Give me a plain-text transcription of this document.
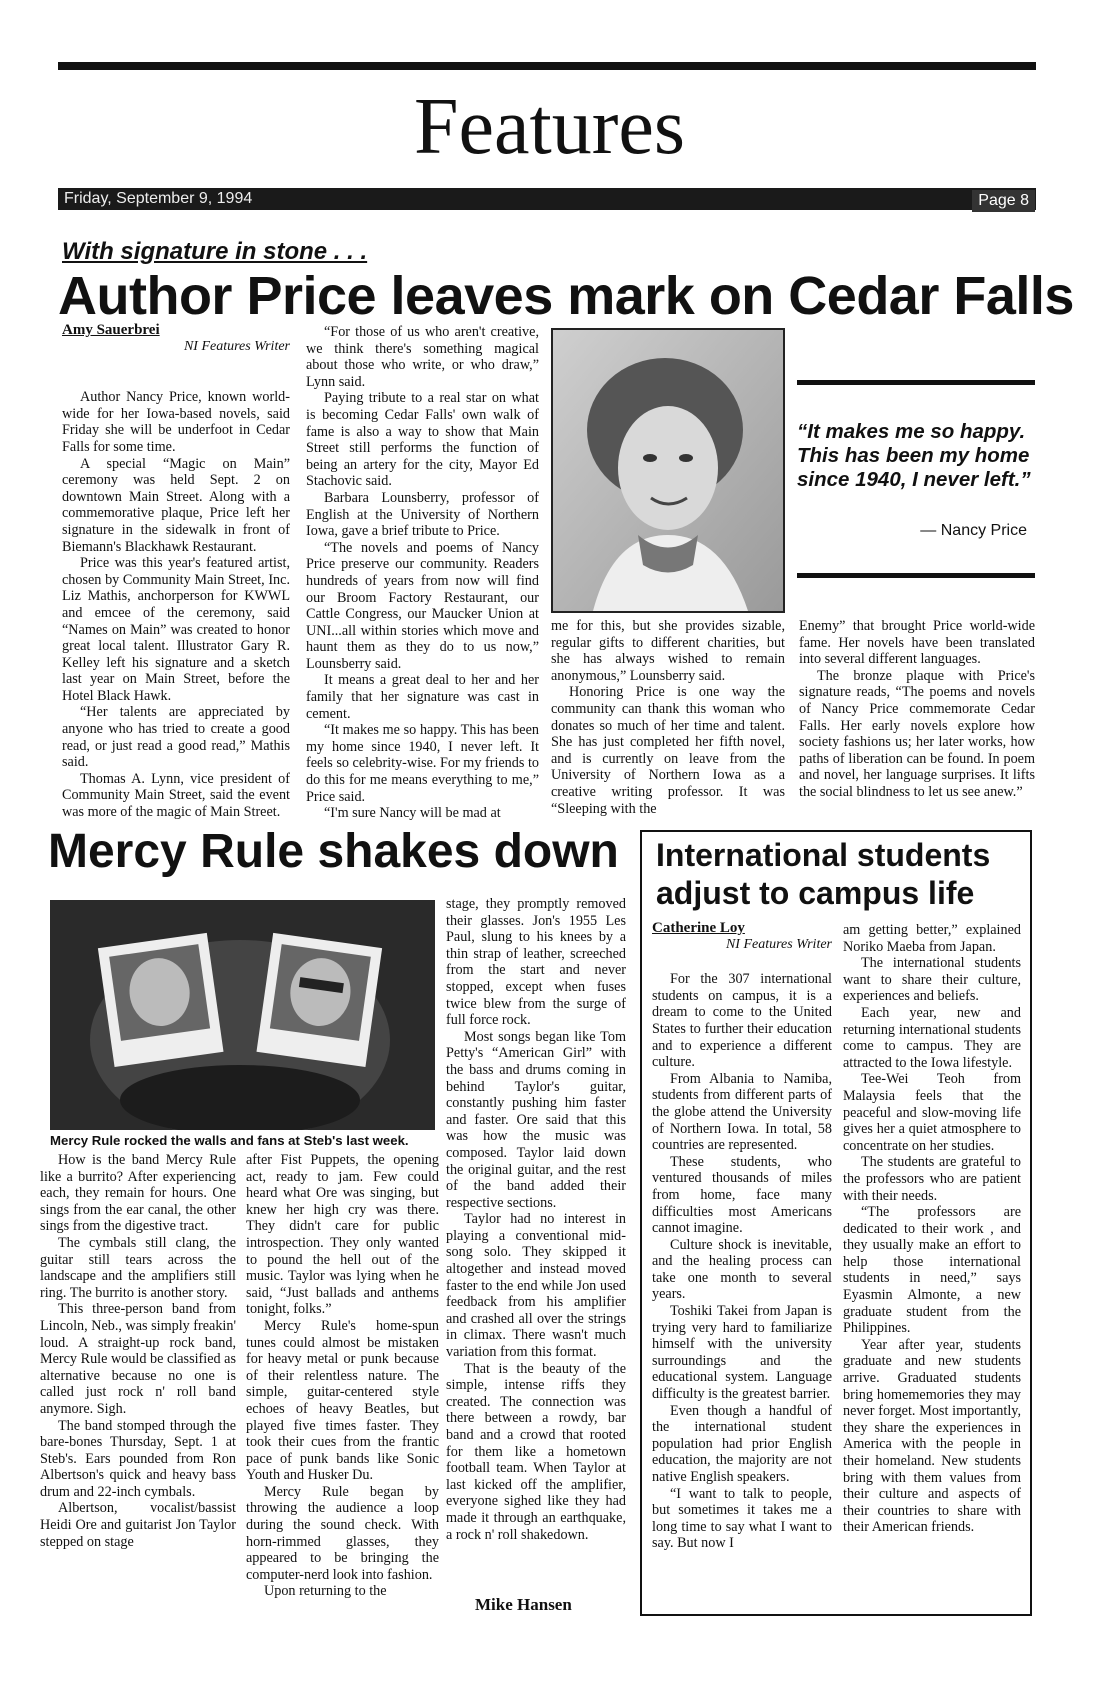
Features
Friday, September 9, 1994	Page 8
With signature in stone . . .
Author Price leaves mark on Cedar Falls
Amy Sauerbrei
NI Features Writer

Author Nancy Price, known world-wide for her Iowa-based novels, said Friday she will be underfoot in Cedar Falls for some time.

A special “Magic on Main” ceremony was held Sept. 2 on downtown Main Street. Along with a commemorative plaque, Price left her signature in the sidewalk in front of Biemann's Blackhawk Restaurant.

Price was this year's featured artist, chosen by Community Main Street, Inc. Liz Mathis, anchorperson for KWWL and emcee of the ceremony, said “Names on Main” was created to honor great local talent. Illustrator Gary R. Kelley left his signature and a sketch last year on Main Street, before the Hotel Black Hawk.

“Her talents are appreciated by anyone who has tried to create a good read, or just read a good read,” Mathis said.

Thomas A. Lynn, vice president of Community Main Street, said the event was more of the magic of Main Street.

“For those of us who aren't creative, we think there's something magical about those who write, or who draw,” Lynn said.

Paying tribute to a real star on what is becoming Cedar Falls' own walk of fame is also a way to show that Main Street still performs the function of being an artery for the city, Mayor Ed Stachovic said.

Barbara Lounsberry, professor of English at the University of Northern Iowa, gave a brief tribute to Price.

“The novels and poems of Nancy Price preserve our community. Readers hundreds of years from now will find our Broom Factory Restaurant, our Cattle Congress, our Maucker Union at UNI...all within stories which move and haunt them as they do to us now,” Lounsberry said.

It means a great deal to her and her family that her signature was cast in cement.

“It makes me so happy. This has been my home since 1940, I never left. It feels so celebrity-wise. For my friends to do this for me means everything to me,” Price said.

“I'm sure Nancy will be mad at

“It makes me so happy. This has been my home since 1940, I never left.”
— Nancy Price

me for this, but she provides sizable, regular gifts to different charities, but she has always wished to remain anonymous,” Lounsberry said.

Honoring Price is one way the community can thank this woman who donates so much of her time and talent. She has just completed her fifth novel, and is currently on leave from the University of Northern Iowa as a creative writing professor. It was “Sleeping with the

Enemy” that brought Price world-wide fame. Her novels have been translated into several different languages.

The bronze plaque with Price's signature reads, “The poems and novels of Nancy Price commemorate Cedar Falls. Her early novels explore how society fashions us; her later works, how paths of liberation can be found. In poem and novel, her language surprises. It lifts the social blindness to let us see anew.”

Mercy Rule shakes down
Mercy Rule rocked the walls and fans at Steb's last week.

How is the band Mercy Rule like a burrito? After experiencing each, they remain for hours. One sings from the ear canal, the other sings from the digestive tract.

The cymbals still clang, the guitar still tears across the landscape and the amplifiers still ring. The burrito is another story.

This three-person band from Lincoln, Neb., was simply freakin' loud. A straight-up rock band, Mercy Rule would be classified as alternative because no one is called just rock n' roll band anymore. Sigh.

The band stomped through the bare-bones Thursday, Sept. 1 at Steb's. Ears pounded from Ron Albertson's quick and heavy bass drum and 22-inch cymbals.

Albertson, vocalist/bassist Heidi Ore and guitarist Jon Taylor stepped on stage

after Fist Puppets, the opening act, ready to jam. Few could heard what Ore was singing, but knew her high cry was there. They didn't care for public introspection. They only wanted to pound the hell out of the music. Taylor was lying when he said, “Just ballads and anthems tonight, folks.”

Mercy Rule's home-spun tunes could almost be mistaken for heavy metal or punk because of their relentless nature. The simple, guitar-centered style echoes of heavy Beatles, but played five times faster. They took their cues from the frantic pace of punk bands like Sonic Youth and Husker Du.

Mercy Rule began by throwing the audience a loop during the sound check. With horn-rimmed glasses, they appeared to be bringing the computer-nerd look into fashion.

Upon returning to the

stage, they promptly removed their glasses. Jon's 1955 Les Paul, slung to his knees by a thin strap of leather, screeched from the start and never stopped, except when fuses twice blew from the surge of full force rock.

Most songs began like Tom Petty's “American Girl” with the bass and drums coming in behind Taylor's guitar, constantly pushing him faster and faster. Ore said that this was how the music was composed. Taylor laid down the original guitar, and the rest of the band added their respective sections.

Taylor had no interest in playing a conventional mid-song solo. They skipped it altogether and instead moved faster to the end while Jon used feedback from his amplifier and crashed all over the strings in climax. There wasn't much variation from this format.

That is the beauty of the simple, intense riffs they created. The connection was there between a rowdy, bar band and a crowd that rooted for them like a hometown football team. When Taylor at last kicked off the amplifier, everyone sighed like they had made it through an earthquake, a rock n' roll shakedown.

Mike Hansen
International students adjust to campus life
Catherine Loy
NI Features Writer

For the 307 international students on campus, it is a dream to come to the United States to further their education and to experience a different culture.

From Albania to Namiba, students from different parts of the globe attend the University of Northern Iowa. In total, 58 countries are represented.

These students, who ventured thousands of miles from home, face many difficulties most Americans cannot imagine.

Culture shock is inevitable, and the healing process can take one month to several years.

Toshiki Takei from Japan is trying very hard to familiarize himself with the university surroundings and the educational system. Language difficulty is the greatest barrier.

Even though a handful of the international student population had prior English education, the majority are not native English speakers.

“I want to talk to people, but sometimes it takes me a long time to say what I want to say. But now I

am getting better,” explained Noriko Maeba from Japan.

The international students want to share their culture, experiences and beliefs.

Each year, new and returning international students come to campus. They are attracted to the Iowa lifestyle.

Tee-Wei Teoh from Malaysia feels that the peaceful and slow-moving life gives her a quiet atmosphere to concentrate on her studies.

The students are grateful to the professors who are patient with their needs.

“The professors are dedicated to their work , and they usually make an effort to help those international students in need,” says Eyasmin Almonte, a new graduate student from the Philippines.

Year after year, students graduate and new students arrive. Graduated students bring homememories they may never forget. Most importantly, they share the experiences in America with the people in their homeland. New students bring with them values from their culture and aspects of their countries to share with their American friends.
